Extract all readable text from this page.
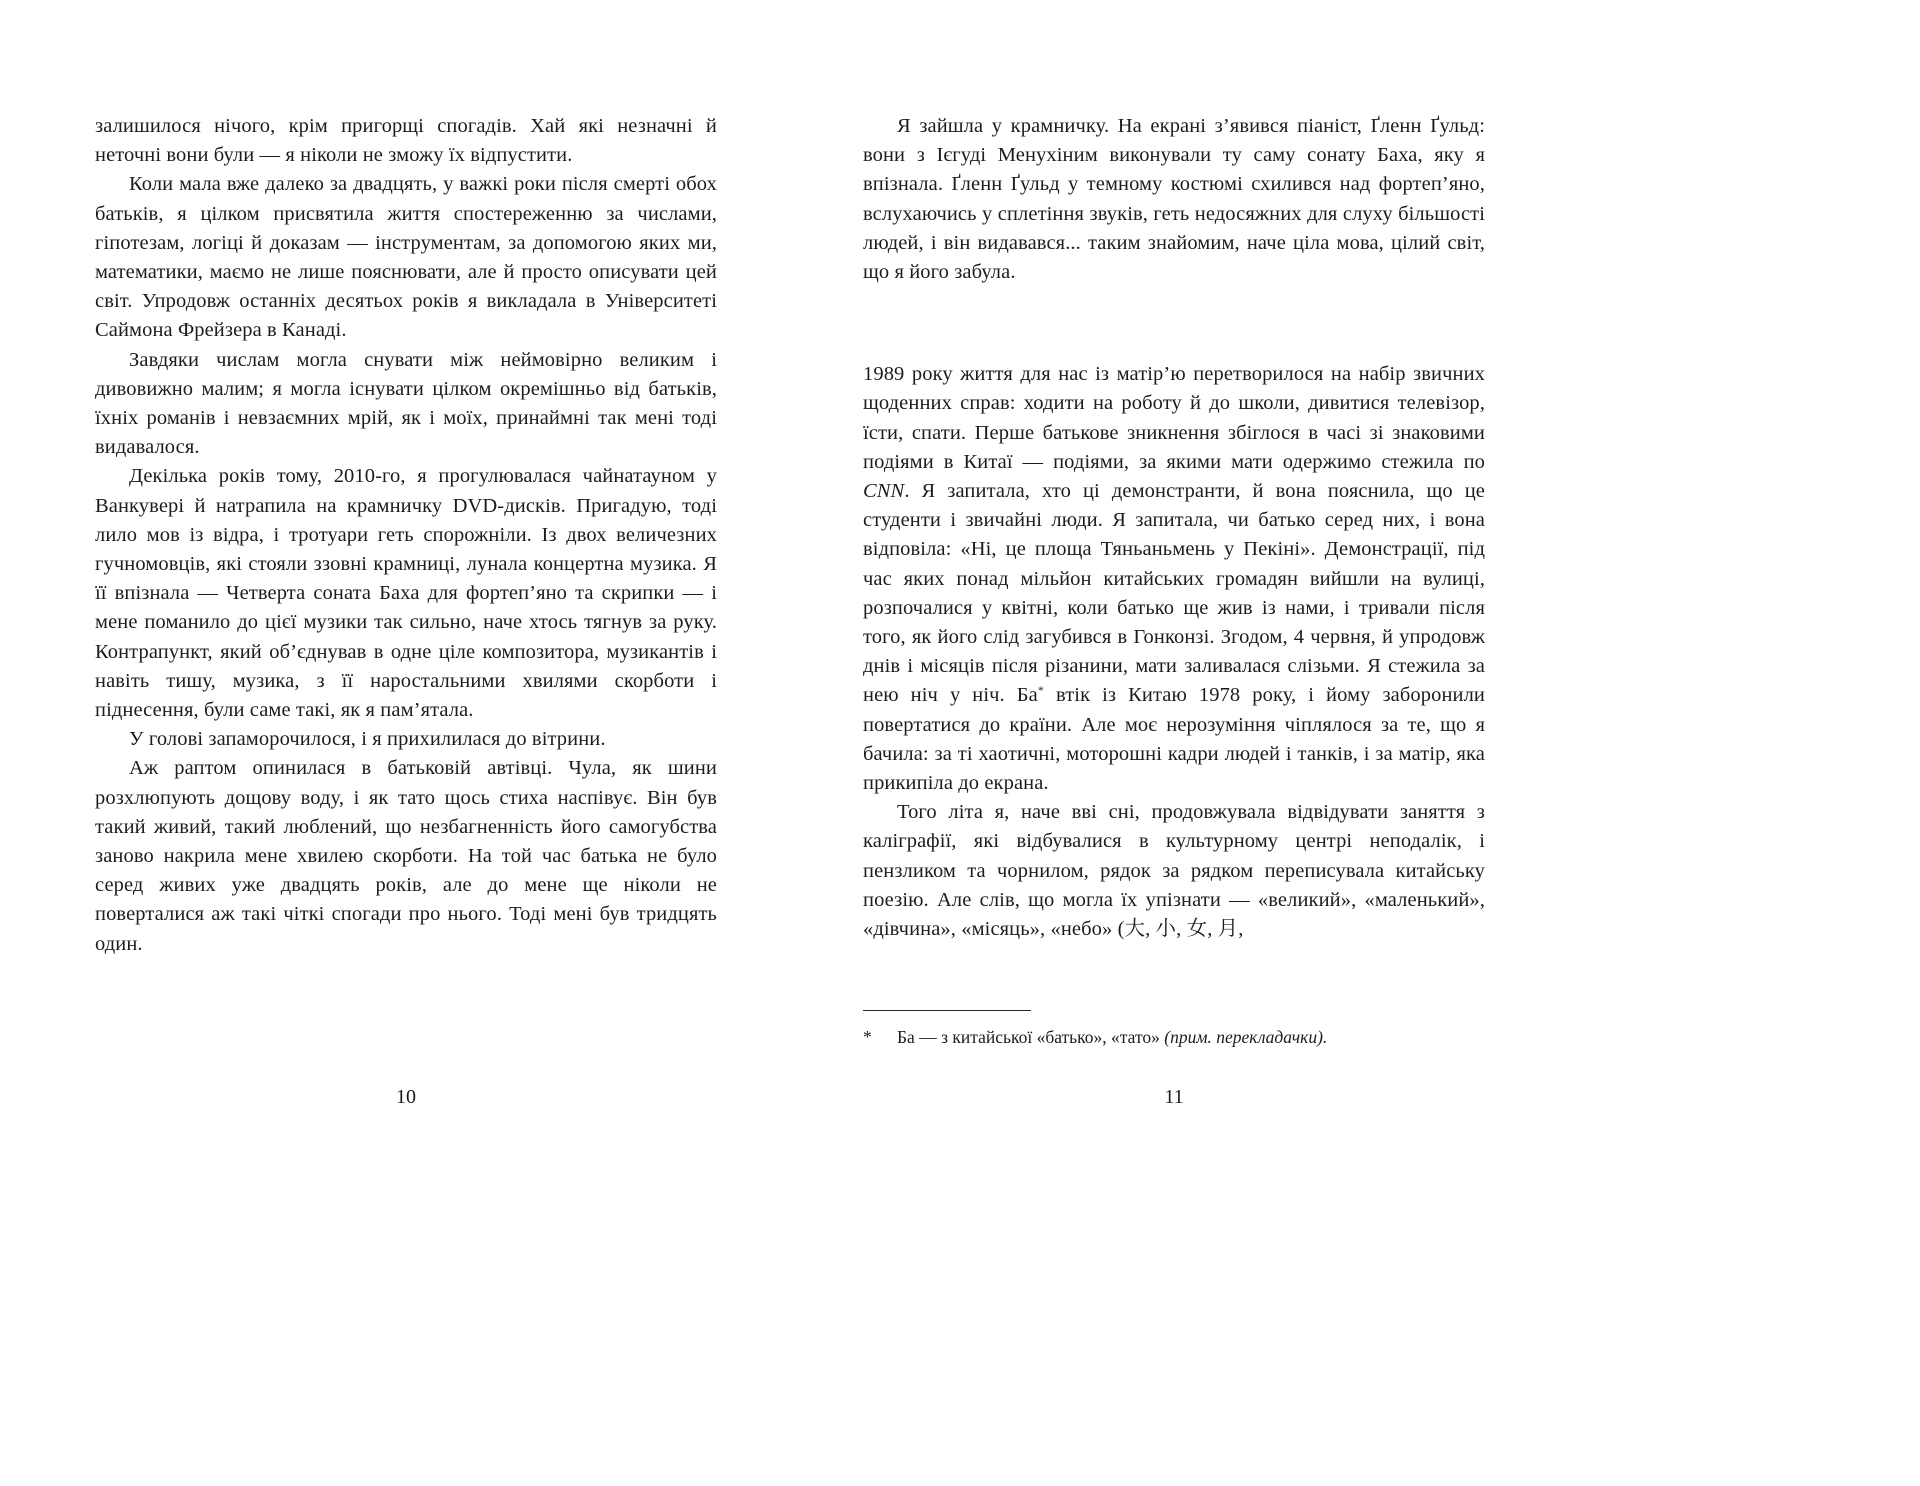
залишилося нічого, крім пригорщі спогадів. Хай які незначні й неточні вони були — я ніколи не зможу їх відпустити.

Коли мала вже далеко за двадцять, у важкі роки після смерті обох батьків, я цілком присвятила життя спостереженню за числами, гіпотезам, логіці й доказам — інструментам, за допомогою яких ми, математики, маємо не лише пояснювати, але й просто описувати цей світ. Упродовж останніх десятьох років я викладала в Університеті Саймона Фрейзера в Канаді.

Завдяки числам могла снувати між неймовірно великим і дивовижно малим; я могла існувати цілком окремішньо від батьків, їхніх романів і невзаємних мрій, як і моїх, принаймні так мені тоді видавалося.

Декілька років тому, 2010-го, я прогулювалася чайнатауном у Ванкувері й натрапила на крамничку DVD-дисків. Пригадую, тоді лило мов із відра, і тротуари геть спорожніли. Із двох величезних гучномовців, які стояли ззовні крамниці, лунала концертна музика. Я її впізнала — Четверта соната Баха для фортеп’яно та скрипки — і мене поманило до цієї музики так сильно, наче хтось тягнув за руку. Контрапункт, який об’єднував в одне ціле композитора, музикантів і навіть тишу, музика, з її наростальними хвилями скорботи і піднесення, були саме такі, як я пам’ятала.

У голові запаморочилося, і я прихилилася до вітрини.

Аж раптом опинилася в батьковій автівці. Чула, як шини розхлюпують дощову воду, і як тато щось стиха наспівує. Він був такий живий, такий люблений, що незбагненність його самогубства заново накрила мене хвилею скорботи. На той час батька не було серед живих уже двадцять років, але до мене ще ніколи не поверталися аж такі чіткі спогади про нього. Тоді мені був тридцять один.

10

Я зайшла у крамничку. На екрані з’явився піаніст, Ґленн Ґульд: вони з Ієгуді Менухіним виконували ту саму сонату Баха, яку я впізнала. Ґленн Ґульд у темному костюмі схилився над фортеп’яно, вслухаючись у сплетіння звуків, геть недосяжних для слуху більшості людей, і він видавався... таким знайомим, наче ціла мова, цілий світ, що я його забула.

1989 року життя для нас із матір’ю перетворилося на набір звичних щоденних справ: ходити на роботу й до школи, дивитися телевізор, їсти, спати. Перше батькове зникнення збіглося в часі зі знаковими подіями в Китаї — подіями, за якими мати одержимо стежила по CNN. Я запитала, хто ці демонстранти, й вона пояснила, що це студенти і звичайні люди. Я запитала, чи батько серед них, і вона відповіла: «Ні, це площа Тяньаньмень у Пекіні». Демонстрації, під час яких понад мільйон китайських громадян вийшли на вулиці, розпочалися у квітні, коли батько ще жив із нами, і тривали після того, як його слід загубився в Гонконзі. Згодом, 4 червня, й упродовж днів і місяців після різанини, мати заливалася слізьми. Я стежила за нею ніч у ніч. Ба* втік із Китаю 1978 року, і йому заборонили повертатися до країни. Але моє нерозуміння чіплялося за те, що я бачила: за ті хаотичні, моторошні кадри людей і танків, і за матір, яка прикипіла до екрана.

Того літа я, наче вві сні, продовжувала відвідувати заняття з каліграфії, які відбувалися в культурному центрі неподалік, і пензликом та чорнилом, рядок за рядком переписувала китайську поезію. Але слів, що могла їх упізнати — «великий», «маленький», «дівчина», «місяць», «небо» (大, 小, 女, 月,

* Ба — з китайської «батько», «тато» (прим. перекладачки).
11
